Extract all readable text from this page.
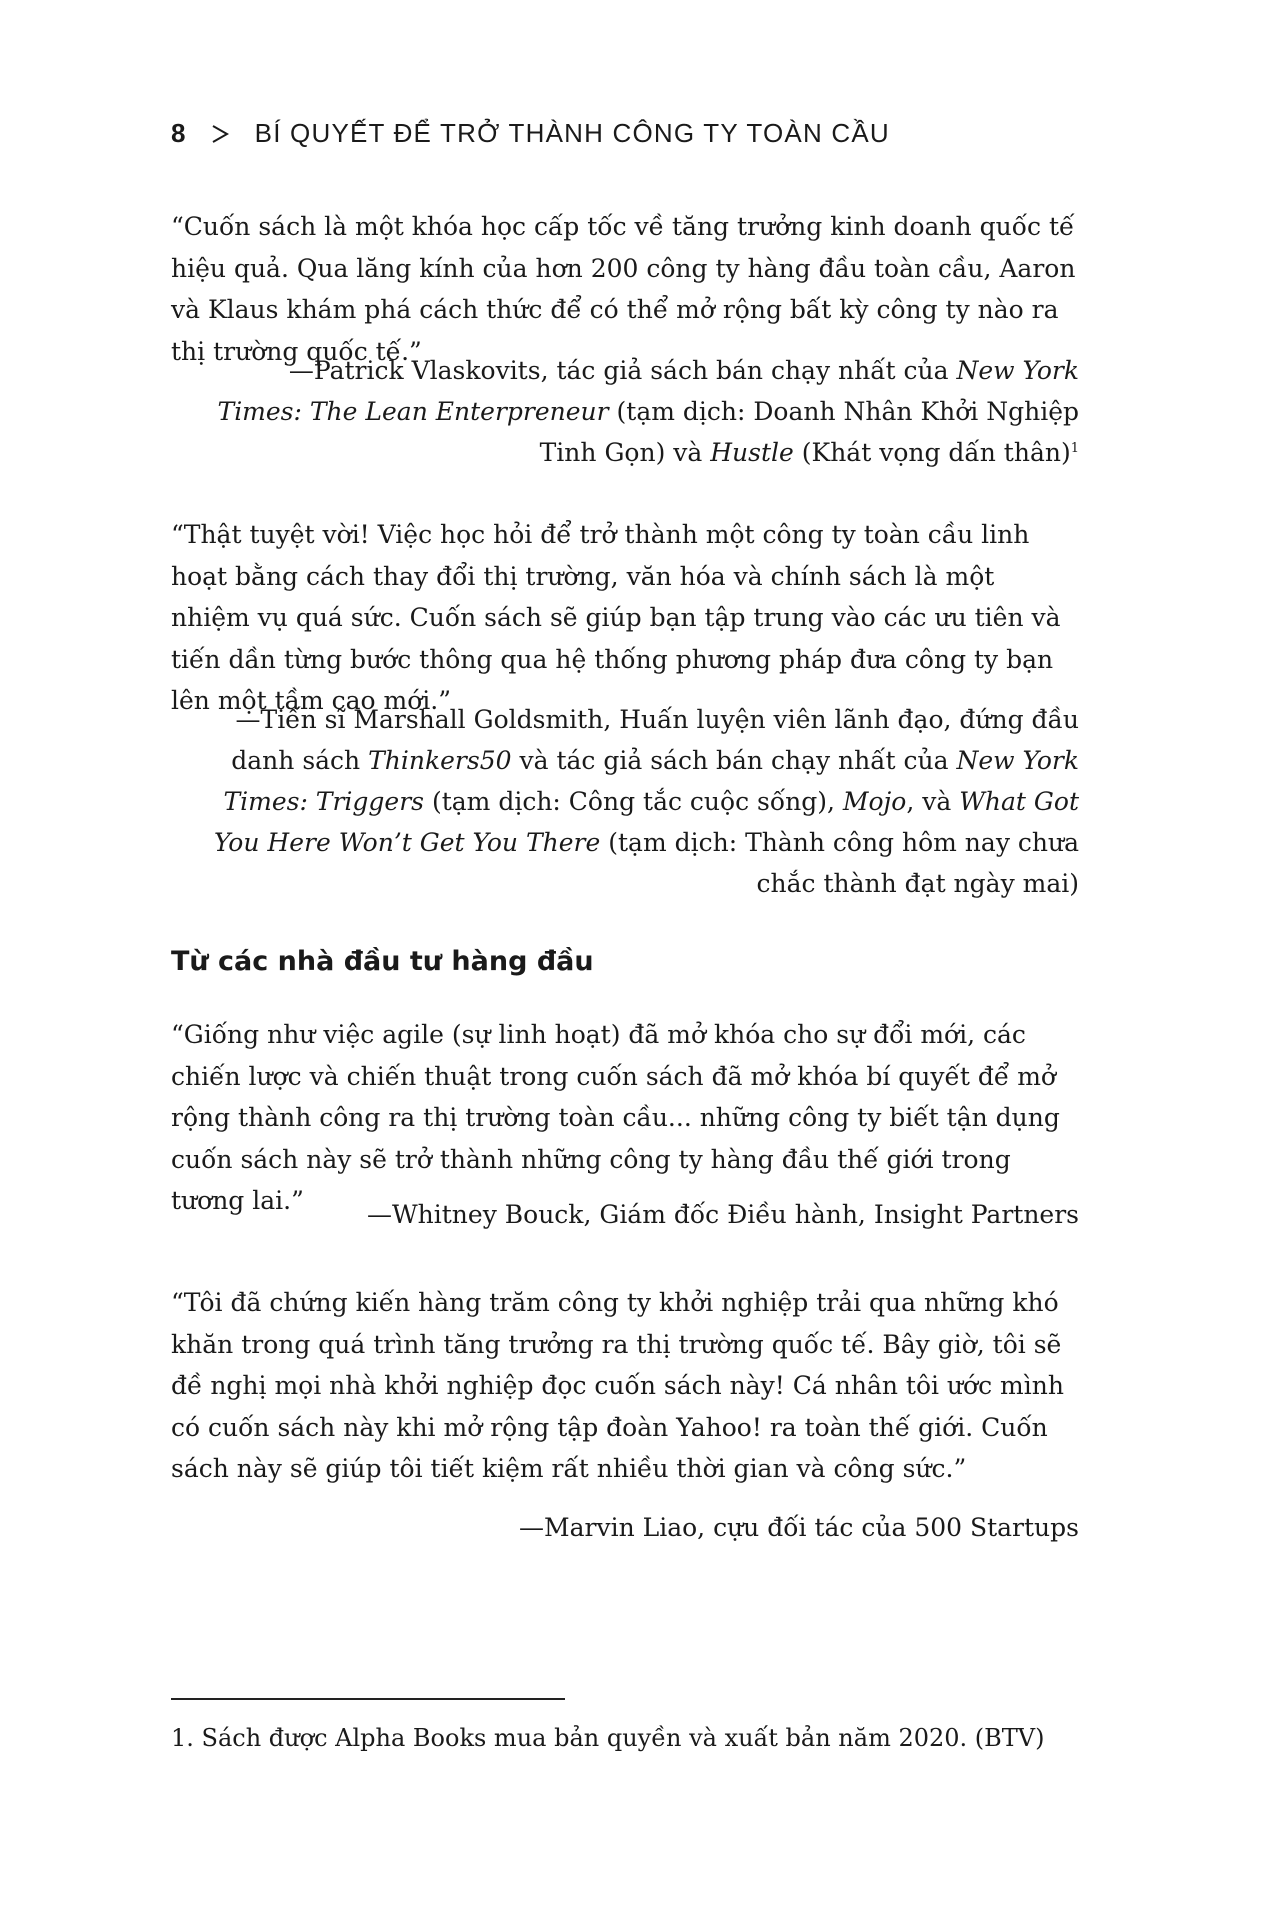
8	BÍ QUYẾT ĐỂ TRỞ THÀNH CÔNG TY TOÀN CẦU

“Cuốn sách là một khóa học cấp tốc về tăng trưởng kinh doanh quốc tế hiệu quả. Qua lăng kính của hơn 200 công ty hàng đầu toàn cầu, Aaron và Klaus khám phá cách thức để có thể mở rộng bất kỳ công ty nào ra thị trường quốc tế.”

—Patrick Vlaskovits, tác giả sách bán chạy nhất của New York Times: The Lean Enterpreneur (tạm dịch: Doanh Nhân Khởi Nghiệp Tinh Gọn) và Hustle (Khát vọng dấn thân)$^1$

“Thật tuyệt vời! Việc học hỏi để trở thành một công ty toàn cầu linh hoạt bằng cách thay đổi thị trường, văn hóa và chính sách là một nhiệm vụ quá sức. Cuốn sách sẽ giúp bạn tập trung vào các ưu tiên và tiến dần từng bước thông qua hệ thống phương pháp đưa công ty bạn lên một tầm cao mới.”

—Tiến sĩ Marshall Goldsmith, Huấn luyện viên lãnh đạo, đứng đầu danh sách Thinkers50 và tác giả sách bán chạy nhất của New York Times: Triggers (tạm dịch: Công tắc cuộc sống), Mojo, và What Got You Here Won’t Get You There (tạm dịch: Thành công hôm nay chưa chắc thành đạt ngày mai)

Từ các nhà đầu tư hàng đầu

“Giống như việc agile (sự linh hoạt) đã mở khóa cho sự đổi mới, các chiến lược và chiến thuật trong cuốn sách đã mở khóa bí quyết để mở rộng thành công ra thị trường toàn cầu... những công ty biết tận dụng cuốn sách này sẽ trở thành những công ty hàng đầu thế giới trong tương lai.”	—Whitney Bouck, Giám đốc Điều hành, Insight Partners

“Tôi đã chứng kiến hàng trăm công ty khởi nghiệp trải qua những khó khăn trong quá trình tăng trưởng ra thị trường quốc tế. Bây giờ, tôi sẽ đề nghị mọi nhà khởi nghiệp đọc cuốn sách này! Cá nhân tôi ước mình có cuốn sách này khi mở rộng tập đoàn Yahoo! ra toàn thế giới. Cuốn sách này sẽ giúp tôi tiết kiệm rất nhiều thời gian và công sức.”

—Marvin Liao, cựu đối tác của 500 Startups

1. Sách được Alpha Books mua bản quyền và xuất bản năm 2020. (BTV)
